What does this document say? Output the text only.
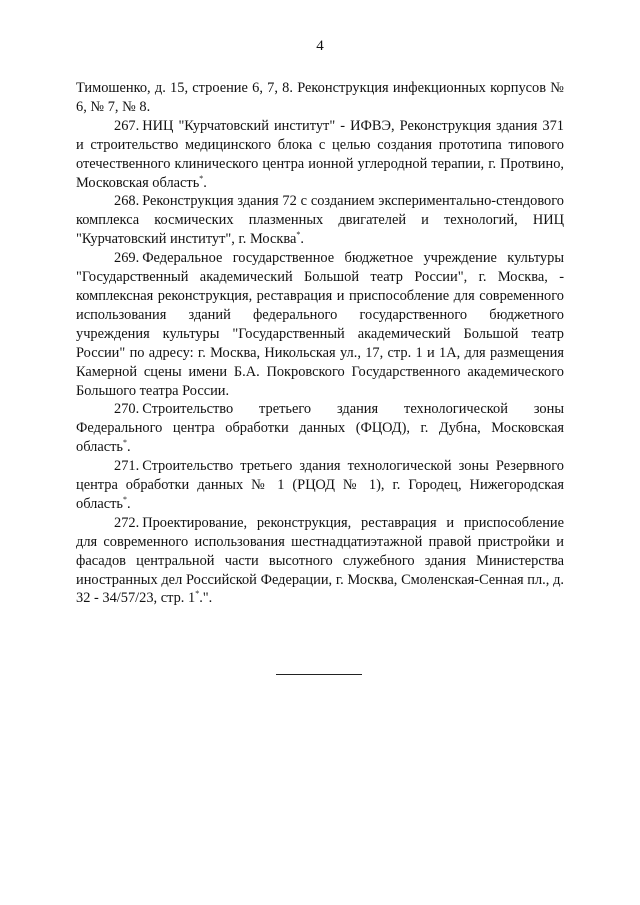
4

Тимошенко, д. 15, строение 6, 7, 8. Реконструкция инфекционных корпусов № 6, № 7, № 8.

267. НИЦ "Курчатовский институт" - ИФВЭ, Реконструкция здания 371 и строительство медицинского блока с целью создания прототипа типового отечественного клинического центра ионной углеродной терапии, г. Протвино, Московская область*.

268. Реконструкция здания 72 с созданием экспериментально-стендового комплекса космических плазменных двигателей и технологий, НИЦ "Курчатовский институт", г. Москва*.

269. Федеральное государственное бюджетное учреждение культуры "Государственный академический Большой театр России", г. Москва, - комплексная реконструкция, реставрация и приспособление для современного использования зданий федерального государственного бюджетного учреждения культуры "Государственный академический Большой театр России" по адресу: г. Москва, Никольская ул., 17, стр. 1 и 1А, для размещения Камерной сцены имени Б.А. Покровского Государственного академического Большого театра России.

270. Строительство третьего здания технологической зоны Федерального центра обработки данных (ФЦОД), г. Дубна, Московская область*.

271. Строительство третьего здания технологической зоны Резервного центра обработки данных № 1 (РЦОД № 1), г. Городец, Нижегородская область*.

272. Проектирование, реконструкция, реставрация и приспособление для современного использования шестнадцатиэтажной правой пристройки и фасадов центральной части высотного служебного здания Министерства иностранных дел Российской Федерации, г. Москва, Смоленская-Сенная пл., д. 32 - 34/57/23, стр. 1*.".
